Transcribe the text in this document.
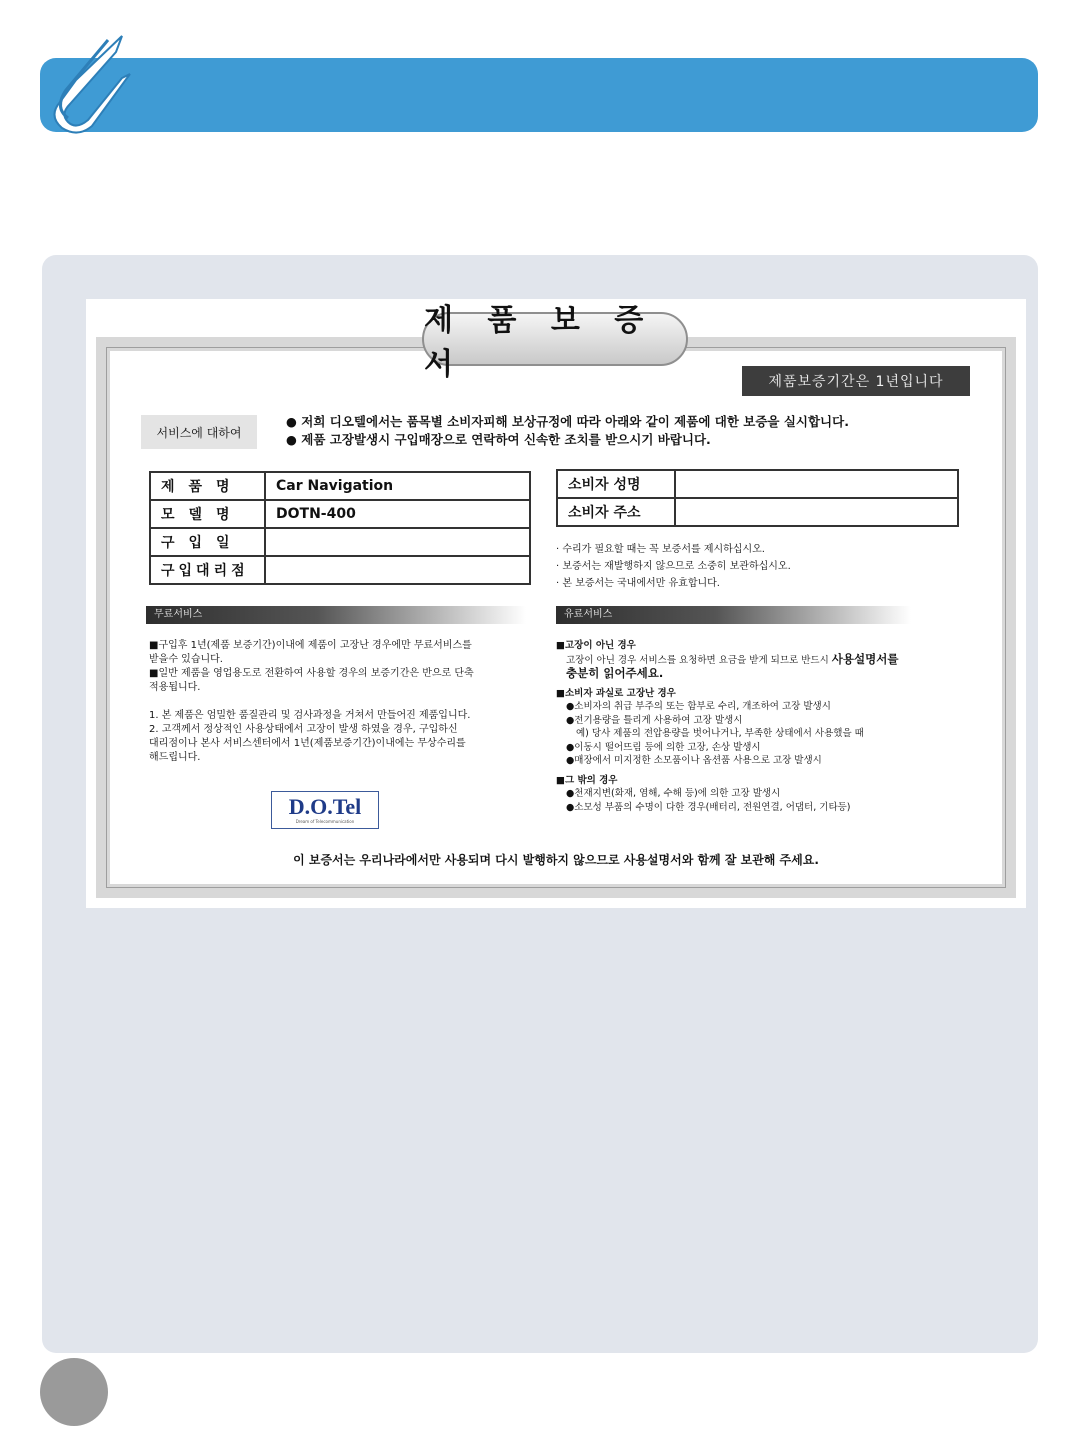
제 품 보 증 서	제품보증기간은 1년입니다
서비스에 대하여
● 저희 디오텔에서는 품목별 소비자피해 보상규정에 따라 아래와 같이 제품에 대한 보증을 실시합니다.
● 제품 고장발생시 구입매장으로 연락하여 신속한 조치를 받으시기 바랍니다.
제품명	Car Navigation
모델명	DOTN-400
구입일	
구입대리점	
소비자 성명	
소비자 주소	
· 수리가 필요할 때는 꼭 보증서를 제시하십시오.
· 보증서는 재발행하지 않으므로 소중히 보관하십시오.
· 본 보증서는 국내에서만 유효합니다.
무료서비스	유료서비스
■구입후 1년(제품 보증기간)이내에 제품이 고장난 경우에만 무료서비스를
받을수 있습니다.
■일반 제품을 영업용도로 전환하여 사용할 경우의 보증기간은 반으로 단축
적용됩니다.
1. 본 제품은 엄밀한 품질관리 및 검사과정을 거쳐서 만들어진 제품입니다.
2. 고객께서 정상적인 사용상태에서 고장이 발생 하였을 경우, 구입하신
대리점이나 본사 서비스센터에서 1년(제품보증기간)이내에는 무상수리를
해드립니다.
■고장이 아닌 경우
고장이 아닌 경우 서비스를 요청하면 요금을 받게 되므로 반드시 사용설명서를
충분히 읽어주세요.
■소비자 과실로 고장난 경우
●소비자의 취급 부주의 또는 함부로 수리, 개조하여 고장 발생시
●전기용량을 틀리게 사용하여 고장 발생시
예) 당사 제품의 전압용량을 벗어나거나, 부족한 상태에서 사용했을 때
●이동시 떨어뜨림 등에 의한 고장, 손상 발생시
●매장에서 미지정한 소모품이나 옵션품 사용으로 고장 발생시
■그 밖의 경우
●천재지변(화재, 염해, 수해 등)에 의한 고장 발생시
●소모성 부품의 수명이 다한 경우(배터리, 전원연결, 어댑터, 기타등)
D.O.Tel
Dream of Telecommunication
이 보증서는 우리나라에서만 사용되며 다시 발행하지 않으므로 사용설명서와 함께 잘 보관해 주세요.
